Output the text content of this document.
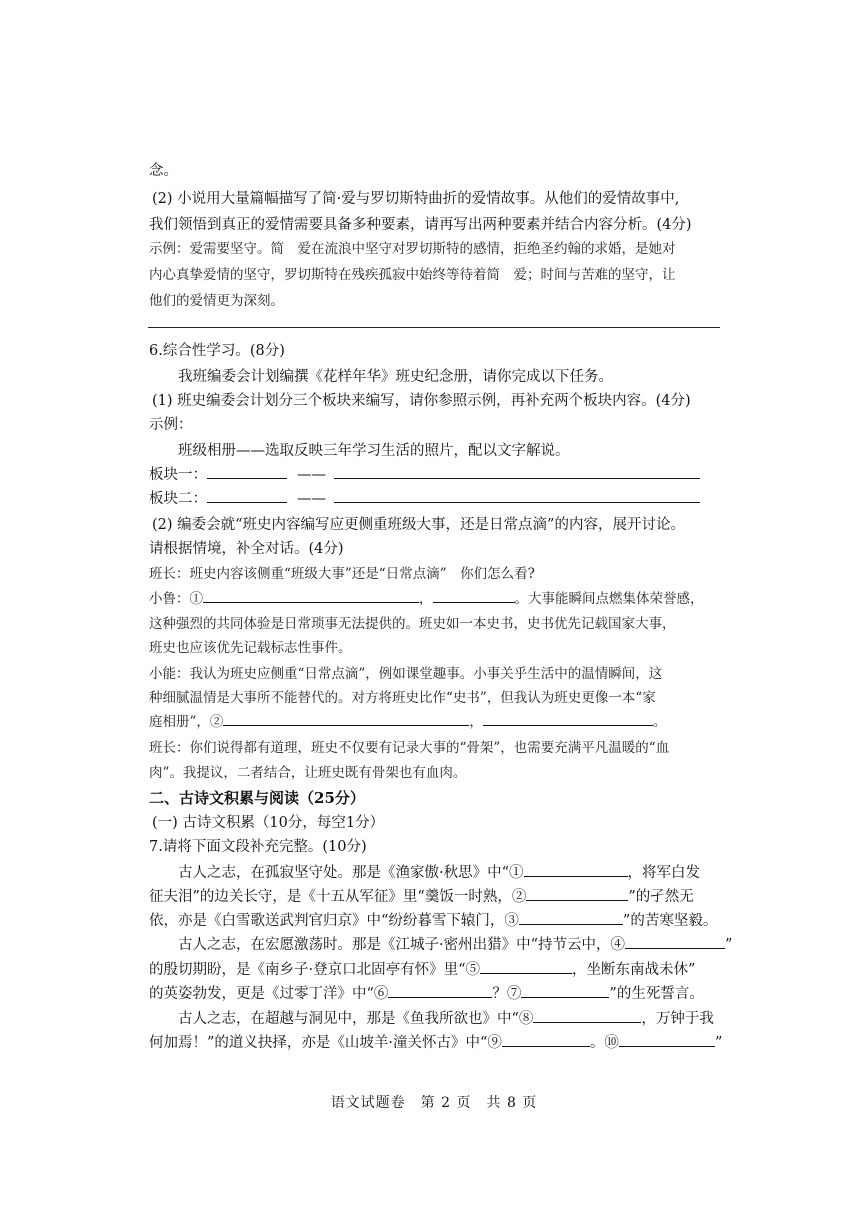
念。
(2) 小说用大量篇幅描写了简·爱与罗切斯特曲折的爱情故事。从他们的爱情故事中,
我们领悟到真正的爱情需要具备多种要素，请再写出两种要素并结合内容分析。(4分)
示例：爱需要坚守。简　爱在流浪中坚守对罗切斯特的感情，拒绝圣约翰的求婚，是她对
内心真挚爱情的坚守，罗切斯特在残疾孤寂中始终等待着简　爱；时间与苦难的坚守，让
他们的爱情更为深刻。
6.综合性学习。(8分)
我班编委会计划编撰《花样年华》班史纪念册，请你完成以下任务。
(1) 班史编委会计划分三个板块来编写，请你参照示例，再补充两个板块内容。(4分)
示例：
班级相册——选取反映三年学习生活的照片，配以文字解说。
板块一：	——
板块二：	——
(2) 编委会就“班史内容编写应更侧重班级大事，还是日常点滴”的内容，展开讨论。
请根据情境，补全对话。(4分)
班长：班史内容该侧重“班级大事”还是“日常点滴”　你们怎么看?
小鲁：①	，	。大事能瞬间点燃集体荣誉感，
这种强烈的共同体验是日常琐事无法提供的。班史如一本史书，史书优先记载国家大事，
班史也应该优先记载标志性事件。
小能：我认为班史应侧重“日常点滴”，例如课堂趣事。小事关乎生活中的温情瞬间，这
种细腻温情是大事所不能替代的。对方将班史比作“史书”，但我认为班史更像一本“家
庭相册”，②	，	。
班长：你们说得都有道理，班史不仅要有记录大事的“骨架”，也需要充满平凡温暖的“血
肉”。我提议，二者结合，让班史既有骨架也有血肉。
二、古诗文积累与阅读（25分）
(一) 古诗文积累（10分，每空1分）
7.请将下面文段补充完整。(10分)
古人之志，在孤寂坚守处。那是《渔家傲·秋思》中“①	，将军白发
征夫泪”的边关长守，是《十五从军征》里“羹饭一时熟，②	”的孑然无
依，亦是《白雪歌送武判官归京》中“纷纷暮雪下辕门，③	”的苦寒坚毅。
古人之志，在宏愿激荡时。那是《江城子·密州出猎》中“持节云中，④	”
的殷切期盼，是《南乡子·登京口北固亭有怀》里“⑤	，坐断东南战未休”
的英姿勃发，更是《过零丁洋》中“⑥	？⑦	”的生死誓言。
古人之志，在超越与洞见中，那是《鱼我所欲也》中“⑧	，万钟于我
何加焉！”的道义抉择，亦是《山坡羊·潼关怀古》中“⑨	。⑩	”
语文试题卷　第 2 页　共 8 页
